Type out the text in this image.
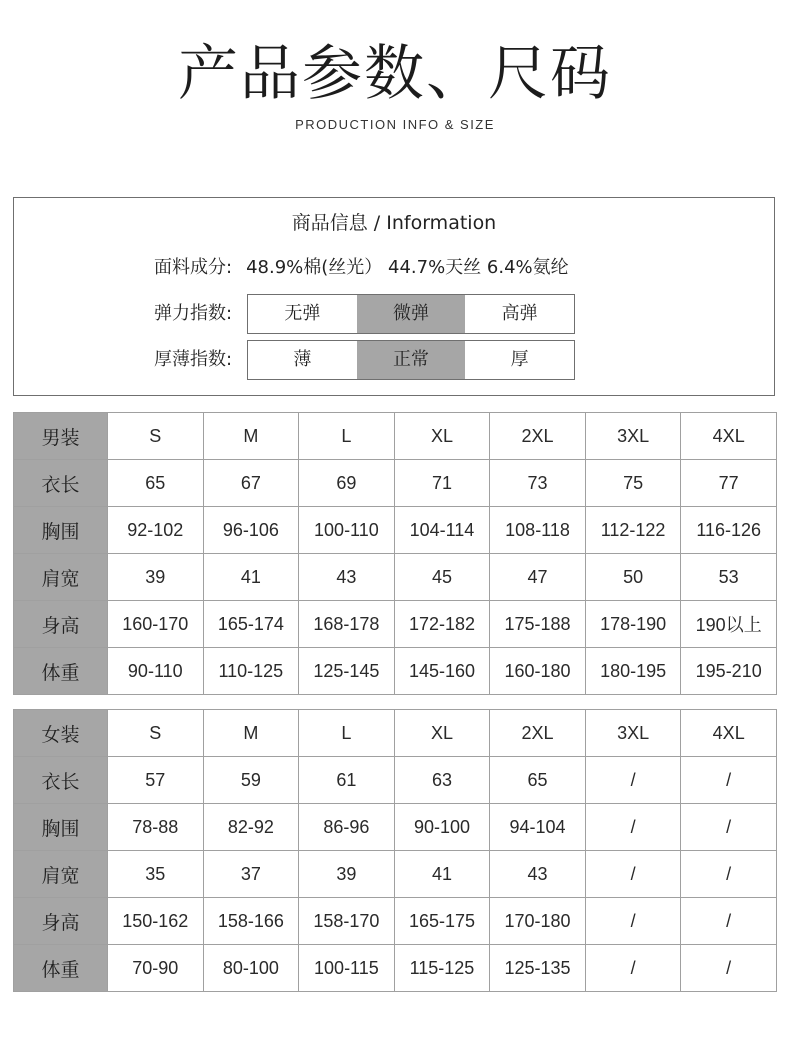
产品参数、尺码
PRODUCTION INFO & SIZE
商品信息 / Information
面料成分: 48.9%棉(丝光） 44.7%天丝 6.4%氨纶
弹力指数:	无弹	微弹	高弹
厚薄指数:	薄	正常	厚
男装	S	M	L	XL	2XL	3XL	4XL
衣长	65	67	69	71	73	75	77
胸围	92-102	96-106	100-110	104-114	108-118	112-122	116-126
肩宽	39	41	43	45	47	50	53
身高	160-170	165-174	168-178	172-182	175-188	178-190	190以上
体重	90-110	110-125	125-145	145-160	160-180	180-195	195-210
女装	S	M	L	XL	2XL	3XL	4XL
衣长	57	59	61	63	65	/	/
胸围	78-88	82-92	86-96	90-100	94-104	/	/
肩宽	35	37	39	41	43	/	/
身高	150-162	158-166	158-170	165-175	170-180	/	/
体重	70-90	80-100	100-115	115-125	125-135	/	/
